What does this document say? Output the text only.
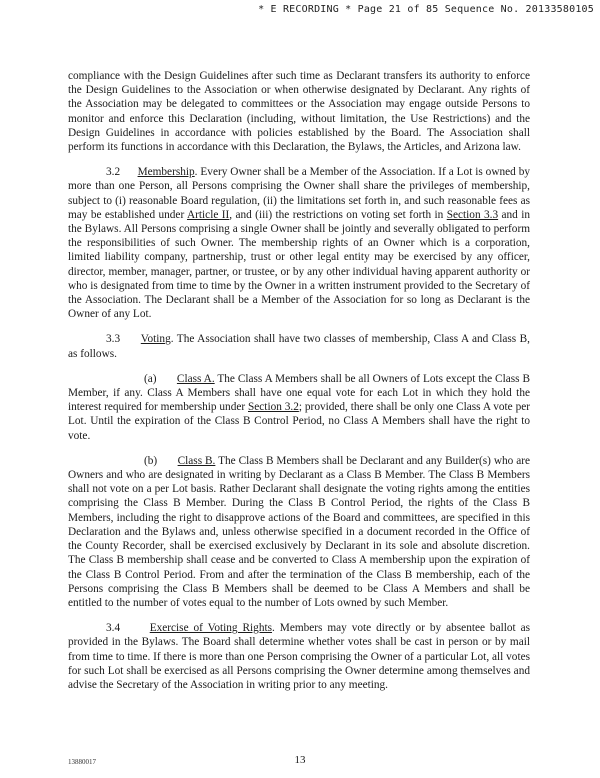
* E RECORDING * Page 21 of 85 Sequence No. 20133580105

compliance with the Design Guidelines after such time as Declarant transfers its authority to enforce the Design Guidelines to the Association or when otherwise designated by Declarant. Any rights of the Association may be delegated to committees or the Association may engage outside Persons to monitor and enforce this Declaration (including, without limitation, the Use Restrictions) and the Design Guidelines in accordance with policies established by the Board. The Association shall perform its functions in accordance with this Declaration, the Bylaws, the Articles, and Arizona law.

3.2 Membership. Every Owner shall be a Member of the Association. If a Lot is owned by more than one Person, all Persons comprising the Owner shall share the privileges of membership, subject to (i) reasonable Board regulation, (ii) the limitations set forth in, and such reasonable fees as may be established under Article II, and (iii) the restrictions on voting set forth in Section 3.3 and in the Bylaws. All Persons comprising a single Owner shall be jointly and severally obligated to perform the responsibilities of such Owner. The membership rights of an Owner which is a corporation, limited liability company, partnership, trust or other legal entity may be exercised by any officer, director, member, manager, partner, or trustee, or by any other individual having apparent authority or who is designated from time to time by the Owner in a written instrument provided to the Secretary of the Association. The Declarant shall be a Member of the Association for so long as Declarant is the Owner of any Lot.

3.3 Voting. The Association shall have two classes of membership, Class A and Class B, as follows.

(a) Class A. The Class A Members shall be all Owners of Lots except the Class B Member, if any. Class A Members shall have one equal vote for each Lot in which they hold the interest required for membership under Section 3.2; provided, there shall be only one Class A vote per Lot. Until the expiration of the Class B Control Period, no Class A Members shall have the right to vote.

(b) Class B. The Class B Members shall be Declarant and any Builder(s) who are Owners and who are designated in writing by Declarant as a Class B Member. The Class B Members shall not vote on a per Lot basis. Rather Declarant shall designate the voting rights among the entities comprising the Class B Member. During the Class B Control Period, the rights of the Class B Members, including the right to disapprove actions of the Board and committees, are specified in this Declaration and the Bylaws and, unless otherwise specified in a document recorded in the Office of the County Recorder, shall be exercised exclusively by Declarant in its sole and absolute discretion. The Class B membership shall cease and be converted to Class A membership upon the expiration of the Class B Control Period. From and after the termination of the Class B membership, each of the Persons comprising the Class B Members shall be deemed to be Class A Members and shall be entitled to the number of votes equal to the number of Lots owned by such Member.

3.4	Exercise of Voting Rights. Members may vote directly or by absentee ballot as provided in the Bylaws. The Board shall determine whether votes shall be cast in person or by mail from time to time. If there is more than one Person comprising the Owner of a particular Lot, all votes for such Lot shall be exercised as all Persons comprising the Owner determine among themselves and advise the Secretary of the Association in writing prior to any meeting.

13880017	13
